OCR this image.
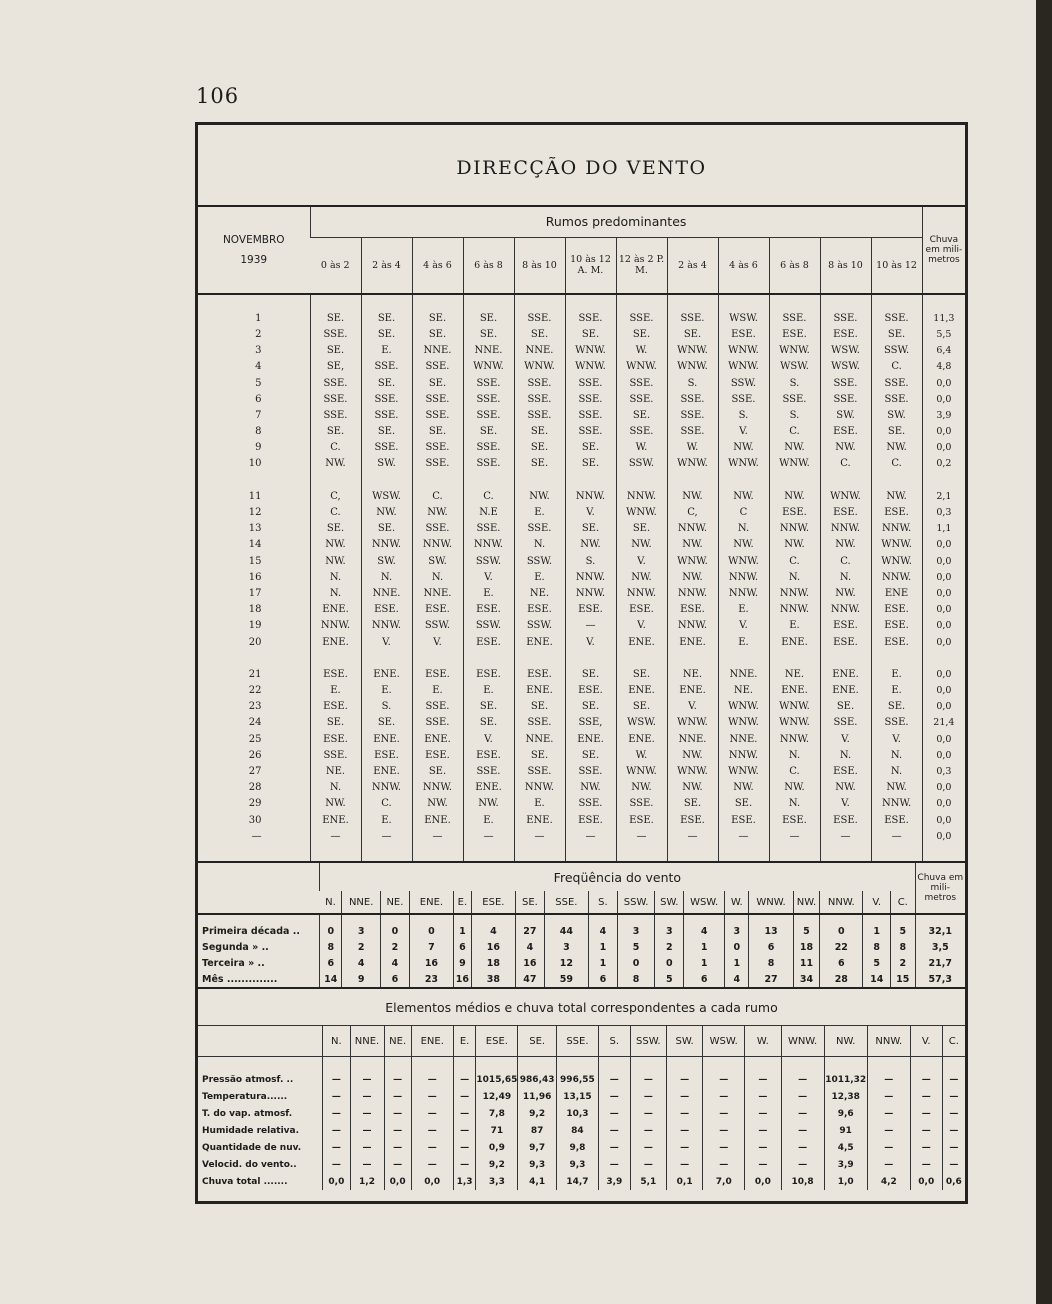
106
DIRECÇÃO DO VENTO
NOVEMBRO
1939	Rumos predominantes												Chuva em mili-metros
	0 às 2	2 às 4	4 às 6	6 às 8	8 às 10	10 às 12 A. M.	12 às 2 P. M.	2 às 4	4 às 6	6 às 8	8 às 10	10 às 12	

1	SE.	SE.	SE.	SE.	SSE.	SSE.	SSE.	SSE.	WSW.	SSE.	SSE.	SSE.	11,3
2	SSE.	SE.	SE.	SE.	SE.	SE.	SE.	SE.	ESE.	ESE.	ESE.	SE.	5,5
3	SE.	E.	NNE.	NNE.	NNE.	WNW.	W.	WNW.	WNW.	WNW.	WSW.	SSW.	6,4
4	SE,	SSE.	SSE.	WNW.	WNW.	WNW.	WNW.	WNW.	WNW.	WSW.	WSW.	C.	4,8
5	SSE.	SE.	SE.	SSE.	SSE.	SSE.	SSE.	S.	SSW.	S.	SSE.	SSE.	0,0
6	SSE.	SSE.	SSE.	SSE.	SSE.	SSE.	SSE.	SSE.	SSE.	SSE.	SSE.	SSE.	0,0
7	SSE.	SSE.	SSE.	SSE.	SSE.	SSE.	SE.	SSE.	S.	S.	SW.	SW.	3,9
8	SE.	SE.	SE.	SE.	SE.	SSE.	SSE.	SSE.	V.	C.	ESE.	SE.	0,0
9	C.	SSE.	SSE.	SSE.	SE.	SE.	W.	W.	NW.	NW.	NW.	NW.	0,0
10	NW.	SW.	SSE.	SSE.	SE.	SE.	SSW.	WNW.	WNW.	WNW.	C.	C.	0,2

11	C,	WSW.	C.	C.	NW.	NNW.	NNW.	NW.	NW.	NW.	WNW.	NW.	2,1
12	C.	NW.	NW.	N.E	E.	V.	WNW.	C,	C	ESE.	ESE.	ESE.	0,3
13	SE.	SE.	SSE.	SSE.	SSE.	SE.	SE.	NNW.	N.	NNW.	NNW.	NNW.	1,1
14	NW.	NNW.	NNW.	NNW.	N.	NW.	NW.	NW.	NW.	NW.	NW.	WNW.	0,0
15	NW.	SW.	SW.	SSW.	SSW.	S.	V.	WNW.	WNW.	C.	C.	WNW.	0,0
16	N.	N.	N.	V.	E.	NNW.	NW.	NW.	NNW.	N.	N.	NNW.	0,0
17	N.	NNE.	NNE.	E.	NE.	NNW.	NNW.	NNW.	NNW.	NNW.	NW.	ENE	0,0
18	ENE.	ESE.	ESE.	ESE.	ESE.	ESE.	ESE.	ESE.	E.	NNW.	NNW.	ESE.	0,0
19	NNW.	NNW.	SSW.	SSW.	SSW.	—	V.	NNW.	V.	E.	ESE.	ESE.	0,0
20	ENE.	V.	V.	ESE.	ENE.	V.	ENE.	ENE.	E.	ENE.	ESE.	ESE.	0,0

21	ESE.	ENE.	ESE.	ESE.	ESE.	SE.	SE.	NE.	NNE.	NE.	ENE.	E.	0,0
22	E.	E.	E.	E.	ENE.	ESE.	ENE.	ENE.	NE.	ENE.	ENE.	E.	0,0
23	ESE.	S.	SSE.	SE.	SE.	SE.	SE.	V.	WNW.	WNW.	SE.	SE.	0,0
24	SE.	SE.	SSE.	SE.	SSE.	SSE,	WSW.	WNW.	WNW.	WNW.	SSE.	SSE.	21,4
25	ESE.	ENE.	ENE.	V.	NNE.	ENE.	ENE.	NNE.	NNE.	NNW.	V.	V.	0,0
26	SSE.	ESE.	ESE.	ESE.	SE.	SE.	W.	NW.	NNW.	N.	N.	N.	0,0
27	NE.	ENE.	SE.	SSE.	SSE.	SSE.	WNW.	WNW.	WNW.	C.	ESE.	N.	0,3
28	N.	NNW.	NNW.	ENE.	NNW.	NW.	NW.	NW.	NW.	NW.	NW.	NW.	0,0
29	NW.	C.	NW.	NW.	E.	SSE.	SSE.	SE.	SE.	N.	V.	NNW.	0,0
30	ENE.	E.	ENE.	E.	ENE.	ESE.	ESE.	ESE.	ESE.	ESE.	ESE.	ESE.	0,0
—	—	—	—	—	—	—	—	—	—	—	—	—	0,0

	Freqüência do vento																		Chuva em mili-metros
	N.	NNE.	NE.	ENE.	E.	ESE.	SE.	SSE.	S.	SSW.	SW.	WSW.	W.	WNW.	NW.	NNW.	V.	C.	

Primeira década ..	0	3	0	0	1	4	27	44	4	3	3	4	3	13	5	0	1	5	32,1
Segunda » ..	8	2	2	7	6	16	4	3	1	5	2	1	0	6	18	22	8	8	3,5
Terceira » ..	6	4	4	16	9	18	16	12	1	0	0	1	1	8	11	6	5	2	21,7
Mês ..............	14	9	6	23	16	38	47	59	6	8	5	6	4	27	34	28	14	15	57,3
Elementos médios e chuva total correspondentes a cada rumo																		
	N.	NNE.	NE.	ENE.	E.	ESE.	SE.	SSE.	S.	SSW.	SW.	WSW.	W.	WNW.	NW.	NNW.	V.	C.

Pressão atmosf. ..	—	—	—	—	—	1015,65	986,43	996,55	—	—	—	—	—	—	1011,32	—	—	—
Temperatura......	—	—	—	—	—	12,49	11,96	13,15	—	—	—	—	—	—	12,38	—	—	—
T. do vap. atmosf.	—	—	—	—	—	7,8	9,2	10,3	—	—	—	—	—	—	9,6	—	—	—
Humidade relativa.	—	—	—	—	—	71	87	84	—	—	—	—	—	—	91	—	—	—
Quantidade de nuv.	—	—	—	—	—	0,9	9,7	9,8	—	—	—	—	—	—	4,5	—	—	—
Velocid. do vento..	—	—	—	—	—	9,2	9,3	9,3	—	—	—	—	—	—	3,9	—	—	—
Chuva total .......	0,0	1,2	0,0	0,0	1,3	3,3	4,1	14,7	3,9	5,1	0,1	7,0	0,0	10,8	1,0	4,2	0,0	0,6
